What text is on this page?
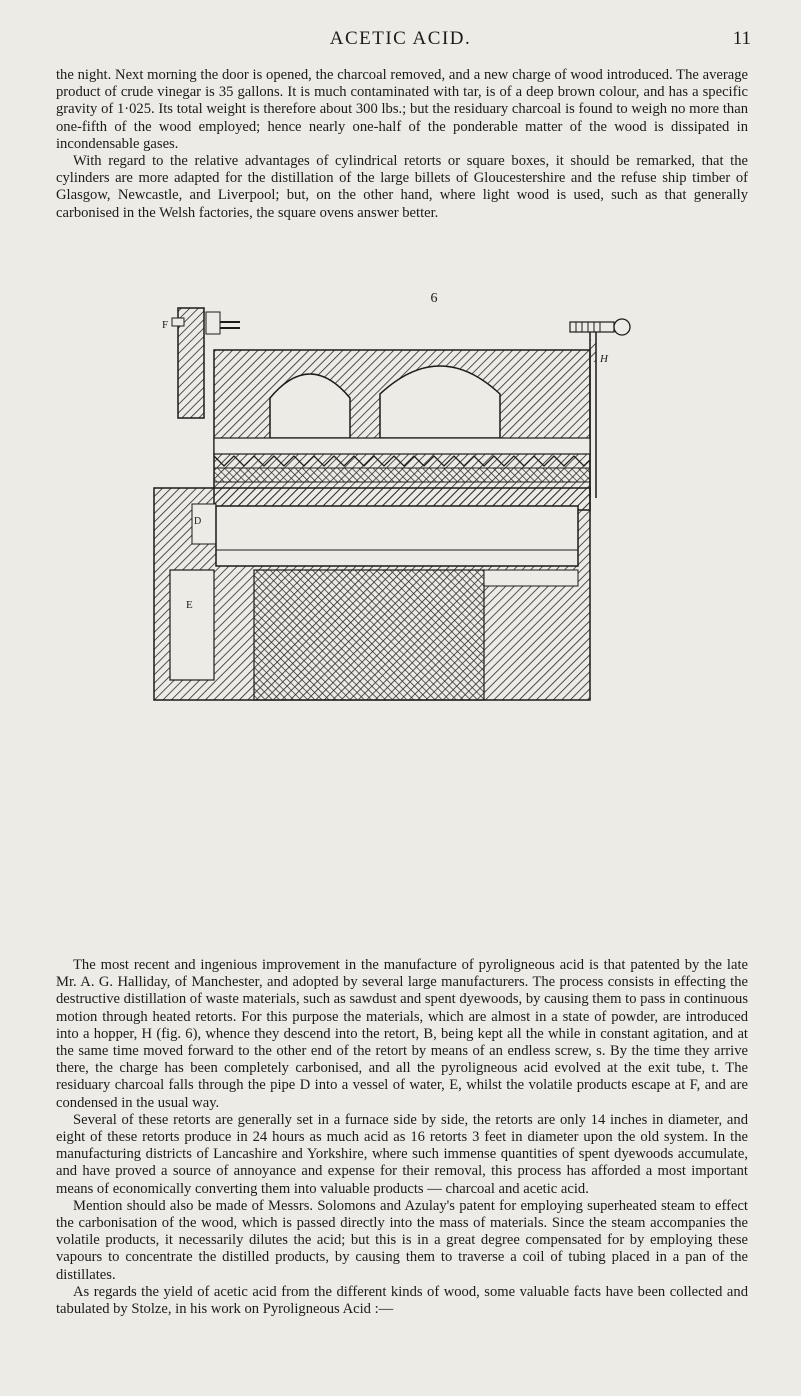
ACETIC ACID.	11

the night. Next morning the door is opened, the charcoal removed, and a new charge of wood introduced. The average product of crude vinegar is 35 gallons. It is much contaminated with tar, is of a deep brown colour, and has a specific gravity of 1·025. Its total weight is therefore about 300 lbs.; but the residuary charcoal is found to weigh no more than one-fifth of the wood employed; hence nearly one-half of the ponderable matter of the wood is dissipated in incondensable gases.

With regard to the relative advantages of cylindrical retorts or square boxes, it should be remarked, that the cylinders are more adapted for the distillation of the large billets of Gloucestershire and the refuse ship timber of Glasgow, Newcastle, and Liverpool; but, on the other hand, where light wood is used, such as that generally carbonised in the Welsh factories, the square ovens answer better.

6
F
H
D
E

The most recent and ingenious improvement in the manufacture of pyroligneous acid is that patented by the late Mr. A. G. Halliday, of Manchester, and adopted by several large manufacturers. The process consists in effecting the destructive distillation of waste materials, such as sawdust and spent dyewoods, by causing them to pass in continuous motion through heated retorts. For this purpose the materials, which are almost in a state of powder, are introduced into a hopper, H (fig. 6), whence they descend into the retort, B, being kept all the while in constant agitation, and at the same time moved forward to the other end of the retort by means of an endless screw, s. By the time they arrive there, the charge has been completely carbonised, and all the pyroligneous acid evolved at the exit tube, t. The residuary charcoal falls through the pipe D into a vessel of water, E, whilst the volatile products escape at F, and are condensed in the usual way.

Several of these retorts are generally set in a furnace side by side, the retorts are only 14 inches in diameter, and eight of these retorts produce in 24 hours as much acid as 16 retorts 3 feet in diameter upon the old system. In the manufacturing districts of Lancashire and Yorkshire, where such immense quantities of spent dyewoods accumulate, and have proved a source of annoyance and expense for their removal, this process has afforded a most important means of economically converting them into valuable products — charcoal and acetic acid.

Mention should also be made of Messrs. Solomons and Azulay's patent for employing superheated steam to effect the carbonisation of the wood, which is passed directly into the mass of materials. Since the steam accompanies the volatile products, it necessarily dilutes the acid; but this is in a great degree compensated for by employing these vapours to concentrate the distilled products, by causing them to traverse a coil of tubing placed in a pan of the distillates.

As regards the yield of acetic acid from the different kinds of wood, some valuable facts have been collected and tabulated by Stolze, in his work on Pyroligneous Acid :—
